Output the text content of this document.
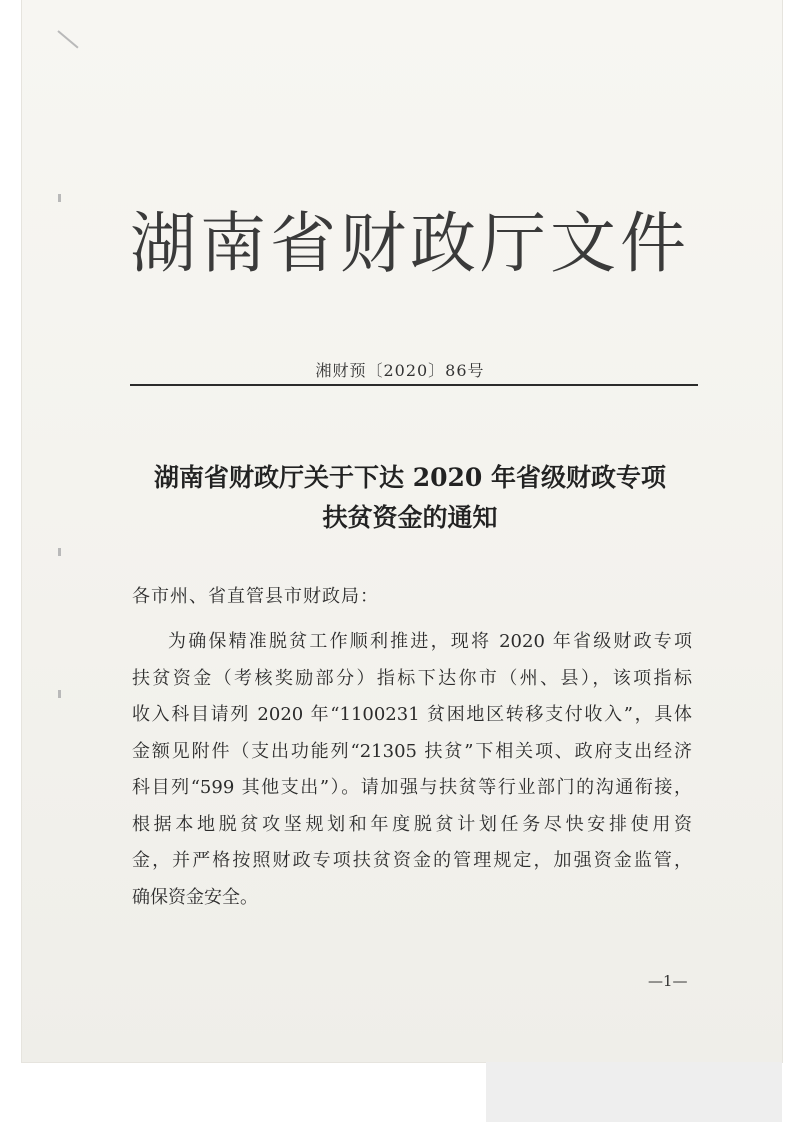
湖南省财政厅文件
湘财预〔2020〕86号
湖南省财政厅关于下达 2020 年省级财政专项
扶贫资金的通知
各市州、省直管县市财政局：
为确保精准脱贫工作顺利推进，现将 2020 年省级财政专项
扶贫资金（考核奖励部分）指标下达你市（州、县），该项指标
收入科目请列 2020 年“1100231 贫困地区转移支付收入”，具体
金额见附件（支出功能列“21305 扶贫”下相关项、政府支出经济
科目列“599 其他支出”）。请加强与扶贫等行业部门的沟通衔接，
根据本地脱贫攻坚规划和年度脱贫计划任务尽快安排使用资
金，并严格按照财政专项扶贫资金的管理规定，加强资金监管，
确保资金安全。
—1—
